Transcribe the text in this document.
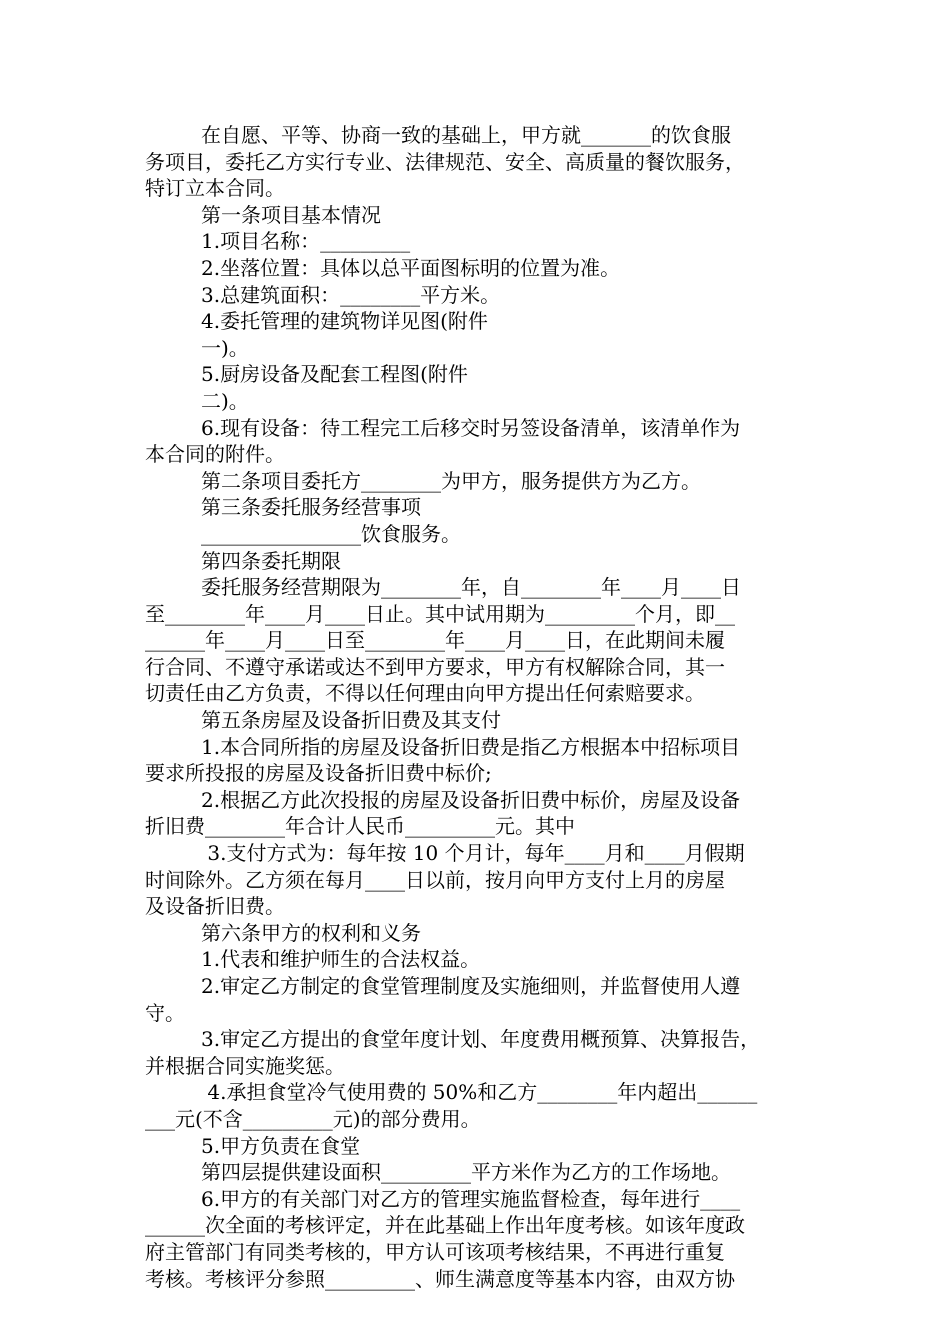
在自愿、平等、协商一致的基础上，甲方就_______的饮食服
务项目，委托乙方实行专业、法律规范、安全、高质量的餐饮服务，
特订立本合同。
第一条项目基本情况
1.项目名称：_________
2.坐落位置：具体以总平面图标明的位置为准。
3.总建筑面积：________平方米。
4.委托管理的建筑物详见图(附件
一)。
5.厨房设备及配套工程图(附件
二)。
6.现有设备：待工程完工后移交时另签设备清单，该清单作为
本合同的附件。
第二条项目委托方________为甲方，服务提供方为乙方。
第三条委托服务经营事项
________________饮食服务。
第四条委托期限
委托服务经营期限为________年，自________年____月____日
至________年____月____日止。其中试用期为_________个月，即__
______年____月____日至________年____月____日，在此期间未履
行合同、不遵守承诺或达不到甲方要求，甲方有权解除合同，其一
切责任由乙方负责，不得以任何理由向甲方提出任何索赔要求。
第五条房屋及设备折旧费及其支付
1.本合同所指的房屋及设备折旧费是指乙方根据本中招标项目
要求所投报的房屋及设备折旧费中标价;
2.根据乙方此次投报的房屋及设备折旧费中标价，房屋及设备
折旧费________年合计人民币_________元。其中
3.支付方式为：每年按 10 个月计，每年____月和____月假期
时间除外。乙方须在每月____日以前，按月向甲方支付上月的房屋
及设备折旧费。
第六条甲方的权利和义务
1.代表和维护师生的合法权益。
2.审定乙方制定的食堂管理制度及实施细则，并监督使用人遵
守。
3.审定乙方提出的食堂年度计划、年度费用概预算、决算报告，
并根据合同实施奖惩。
4.承担食堂冷气使用费的 50%和乙方________年内超出______
___元(不含_________元)的部分费用。
5.甲方负责在食堂
第四层提供建设面积_________平方米作为乙方的工作场地。
6.甲方的有关部门对乙方的管理实施监督检查，每年进行____
______次全面的考核评定，并在此基础上作出年度考核。如该年度政
府主管部门有同类考核的，甲方认可该项考核结果，不再进行重复
考核。考核评分参照_________、师生满意度等基本内容，由双方协
